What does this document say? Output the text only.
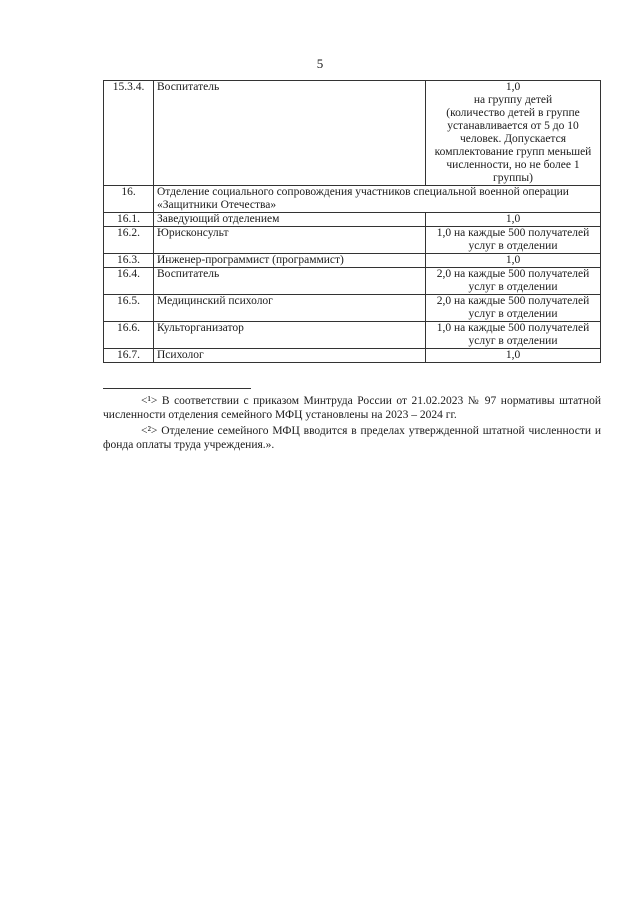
5
15.3.4.	Воспитатель	1,0
на группу детей
(количество детей в группе устанавливается от 5 до 10 человек. Допускается комплектование групп меньшей численности, но не более 1 группы)
16.	Отделение социального сопровождения участников специальной военной операции «Защитники Отечества»	
16.1.	Заведующий отделением	1,0
16.2.	Юрисконсульт	1,0 на каждые 500 получателей услуг в отделении
16.3.	Инженер-программист (программист)	1,0
16.4.	Воспитатель	2,0 на каждые 500 получателей услуг в отделении
16.5.	Медицинский психолог	2,0 на каждые 500 получателей услуг в отделении
16.6.	Культорганизатор	1,0 на каждые 500 получателей услуг в отделении
16.7.	Психолог	1,0

<¹> В соответствии с приказом Минтруда России от 21.02.2023 № 97 нормативы штатной численности отделения семейного МФЦ установлены на 2023 – 2024 гг.

<²> Отделение семейного МФЦ вводится в пределах утвержденной штатной численности и фонда оплаты труда учреждения.».
